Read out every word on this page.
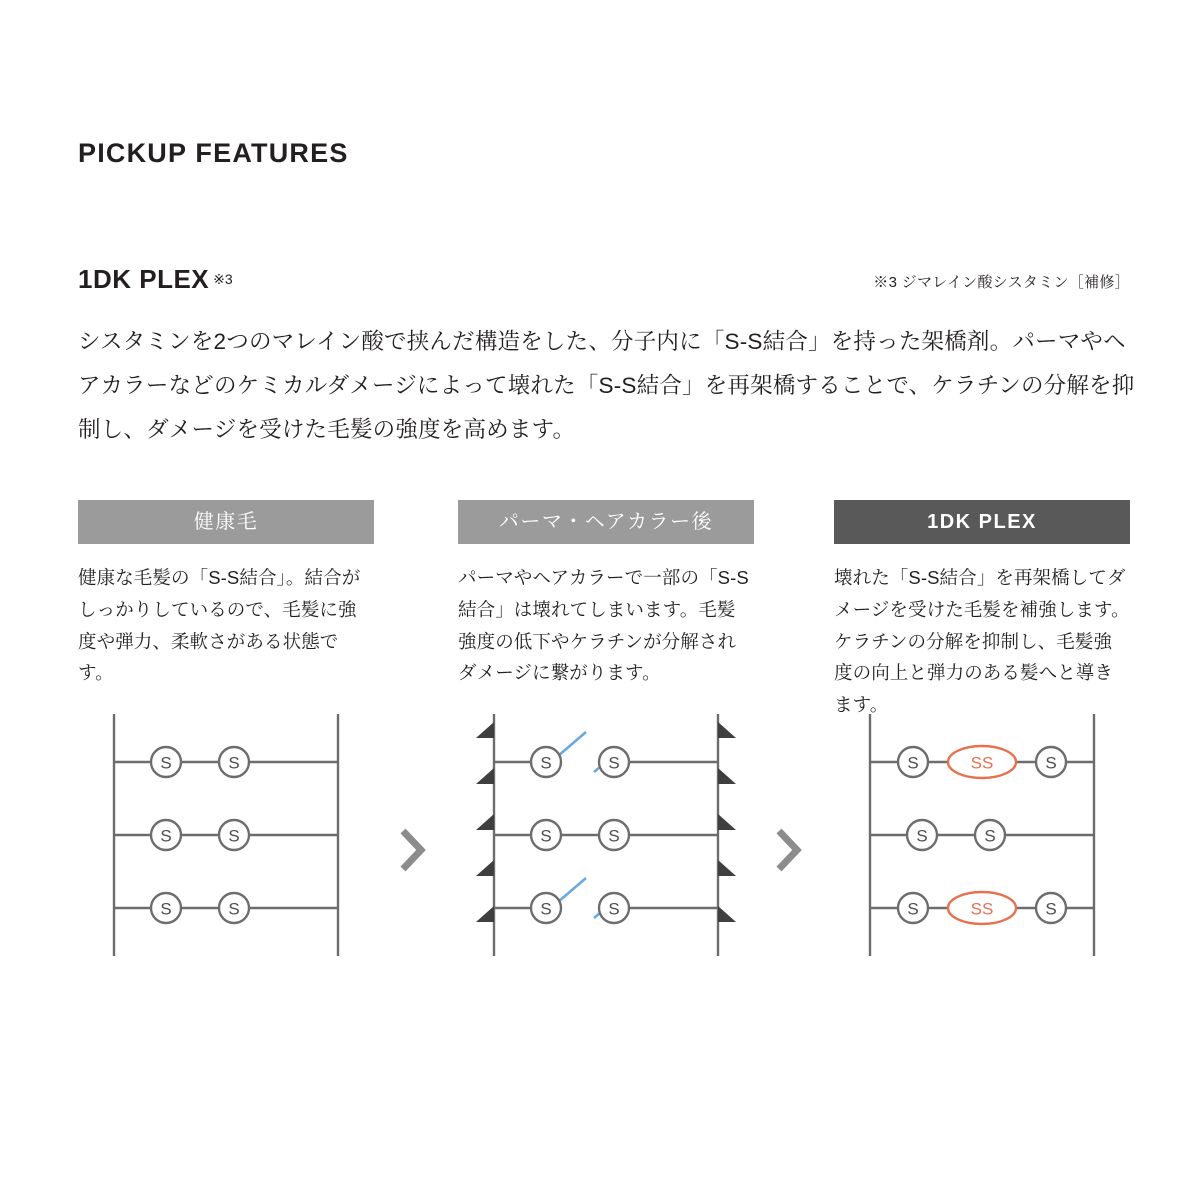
PICKUP FEATURES
1DK PLEX $^{※3}$	※3 ジマレイン酸シスタミン［補修］
シスタミンを2つのマレイン酸で挟んだ構造をした、分子内に「S-S結合」を持った架橋剤。パーマやヘアカラーなどのケミカルダメージによって壊れた「S-S結合」を再架橋することで、ケラチンの分解を抑制し、ダメージを受けた毛髪の強度を高めます。
健康毛
健康な毛髪の「S-S結合」。結合がしっかりしているので、毛髪に強度や弾力、柔軟さがある状態です。
S	S
S	S
S	S
パーマ・ヘアカラー後
パーマやヘアカラーで一部の「S-S結合」は壊れてしまいます。毛髪強度の低下やケラチンが分解されダメージに繋がります。
S	S
S	S
S	S
1DK PLEX
壊れた「S-S結合」を再架橋してダメージを受けた毛髪を補強します。ケラチンの分解を抑制し、毛髪強度の向上と弾力のある髪へと導きます。
S	S
SS
S	S
S	S
SS
